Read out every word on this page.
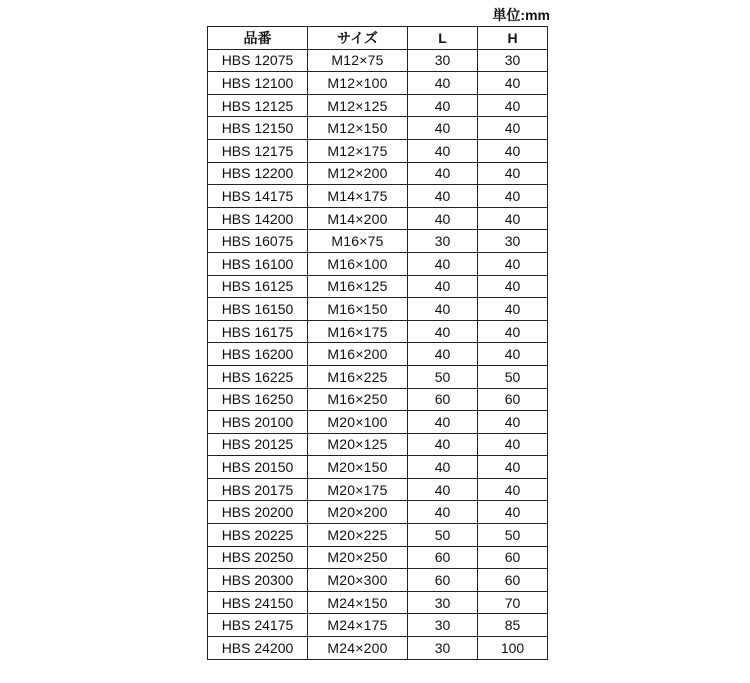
単位:mm
品番	サイズ	L	H
HBS 12075	M12×75	30	30
HBS 12100	M12×100	40	40
HBS 12125	M12×125	40	40
HBS 12150	M12×150	40	40
HBS 12175	M12×175	40	40
HBS 12200	M12×200	40	40
HBS 14175	M14×175	40	40
HBS 14200	M14×200	40	40
HBS 16075	M16×75	30	30
HBS 16100	M16×100	40	40
HBS 16125	M16×125	40	40
HBS 16150	M16×150	40	40
HBS 16175	M16×175	40	40
HBS 16200	M16×200	40	40
HBS 16225	M16×225	50	50
HBS 16250	M16×250	60	60
HBS 20100	M20×100	40	40
HBS 20125	M20×125	40	40
HBS 20150	M20×150	40	40
HBS 20175	M20×175	40	40
HBS 20200	M20×200	40	40
HBS 20225	M20×225	50	50
HBS 20250	M20×250	60	60
HBS 20300	M20×300	60	60
HBS 24150	M24×150	30	70
HBS 24175	M24×175	30	85
HBS 24200	M24×200	30	100
